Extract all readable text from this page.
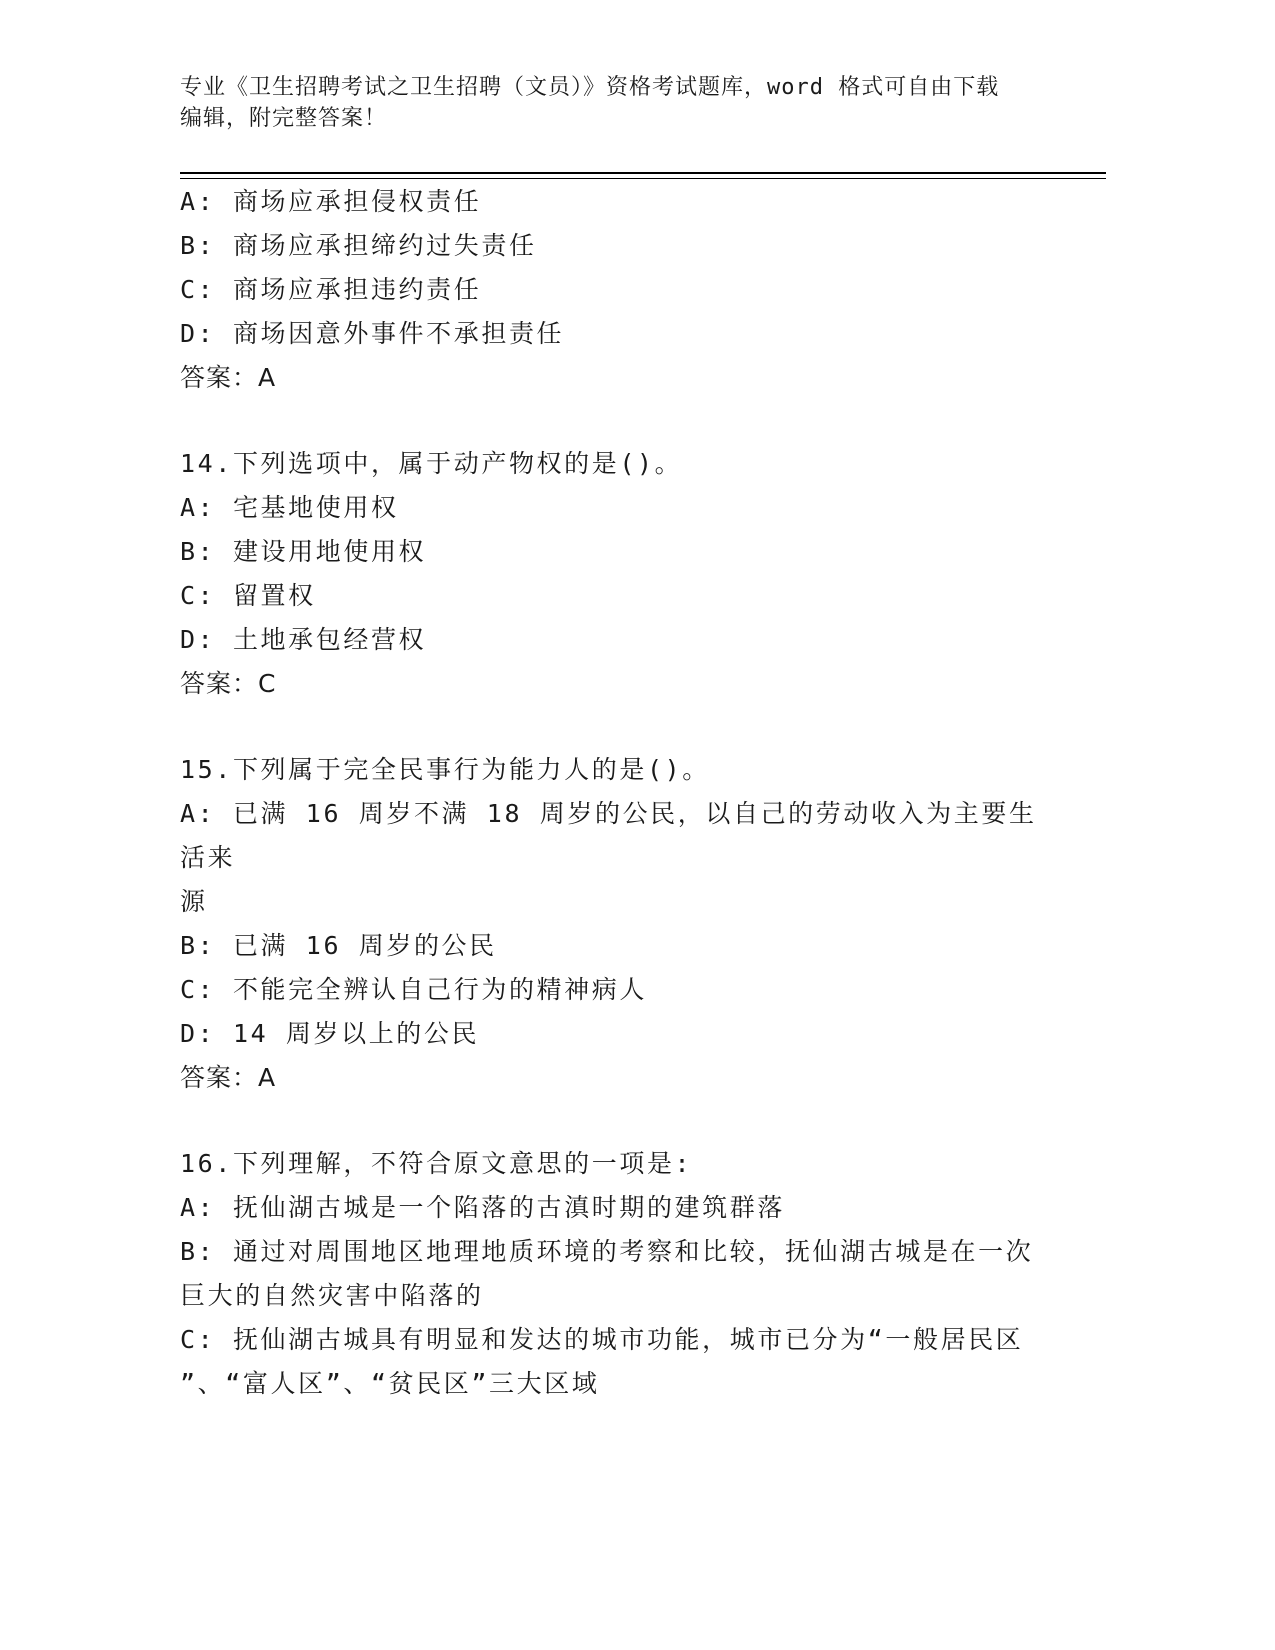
专业《卫生招聘考试之卫生招聘（文员）》资格考试题库，word 格式可自由下载
编辑，附完整答案！
A: 商场应承担侵权责任
B: 商场应承担缔约过失责任
C: 商场应承担违约责任
D: 商场因意外事件不承担责任
答案：A
14.下列选项中，属于动产物权的是()。
A: 宅基地使用权
B: 建设用地使用权
C: 留置权
D: 土地承包经营权
答案：C
15.下列属于完全民事行为能力人的是()。
A: 已满 16 周岁不满 18 周岁的公民，以自己的劳动收入为主要生活来
源
B: 已满 16 周岁的公民
C: 不能完全辨认自己行为的精神病人
D: 14 周岁以上的公民
答案：A
16.下列理解，不符合原文意思的一项是:
A: 抚仙湖古城是一个陷落的古滇时期的建筑群落
B: 通过对周围地区地理地质环境的考察和比较，抚仙湖古城是在一次
巨大的自然灾害中陷落的
C: 抚仙湖古城具有明显和发达的城市功能，城市已分为“一般居民区
”、“富人区”、“贫民区”三大区域
